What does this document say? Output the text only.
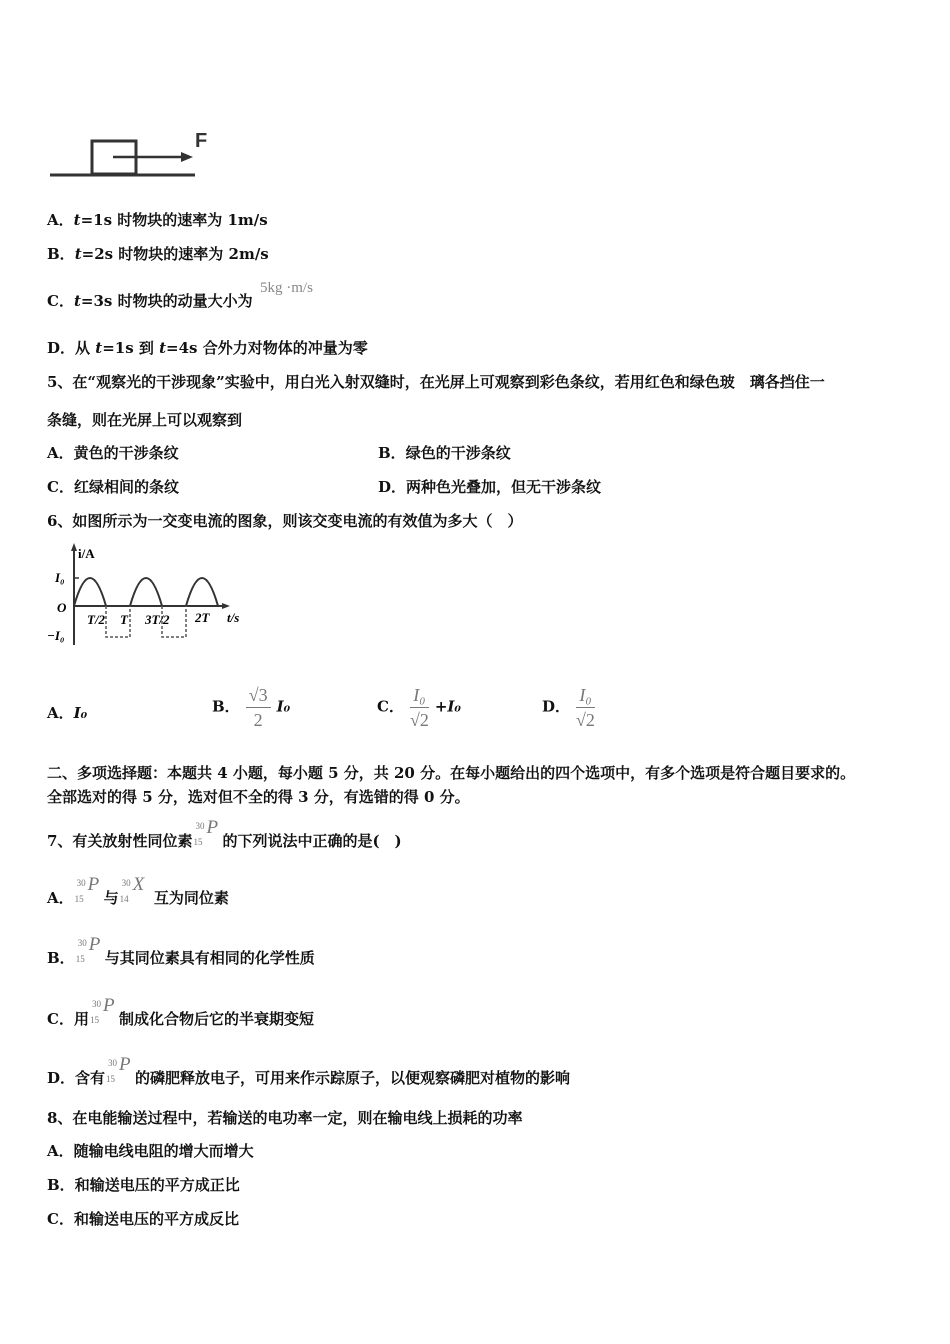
F
A．t=1s 时物块的速率为 1m/s
B．t=2s 时物块的速率为 2m/s
C．t=3s 时物块的动量大小为
5kg ·m/s
D．从 t=1s 到 t=4s 合外力对物体的冲量为零
5、在“观察光的干涉现象”实验中，用白光入射双缝时，在光屏上可观察到彩色条纹，若用红色和绿色玻　璃各挡住一
条缝，则在光屏上可以观察到
A．黄色的干涉条纹	B．绿色的干涉条纹
C．红绿相间的条纹	D．两种色光叠加，但无干涉条纹
6、如图所示为一交变电流的图象，则该交变电流的有效值为多大（　）
i/A
I₀
O
−I₀
T/2 T 3T/2 2T t/s
A．I₀	B． $\frac{√3}{2} I_0$	C． $\frac{\text{I₀}}{√2} +I_0$	D． $\frac{\text{I₀}}{√2}$
二、多项选择题：本题共 4 小题，每小题 5 分，共 20 分。在每小题给出的四个选项中，有多个选项是符合题目要求的。
全部选对的得 5 分，选对但不全的得 3 分，有选错的得 0 分。
7、有关放射性同位素
30
15
P
的下列说法中正确的是(　)
A．
30
15
P
与
30
14
X
互为同位素
B．
30
15
P
与其同位素具有相同的化学性质
C．用
30
15
P
制成化合物后它的半衰期变短
D．含有
30
15
P
的磷肥释放电子，可用来作示踪原子，以便观察磷肥对植物的影响
8、在电能输送过程中，若输送的电功率一定，则在输电线上损耗的功率
A．随输电线电阻的增大而增大
B．和输送电压的平方成正比
C．和输送电压的平方成反比
